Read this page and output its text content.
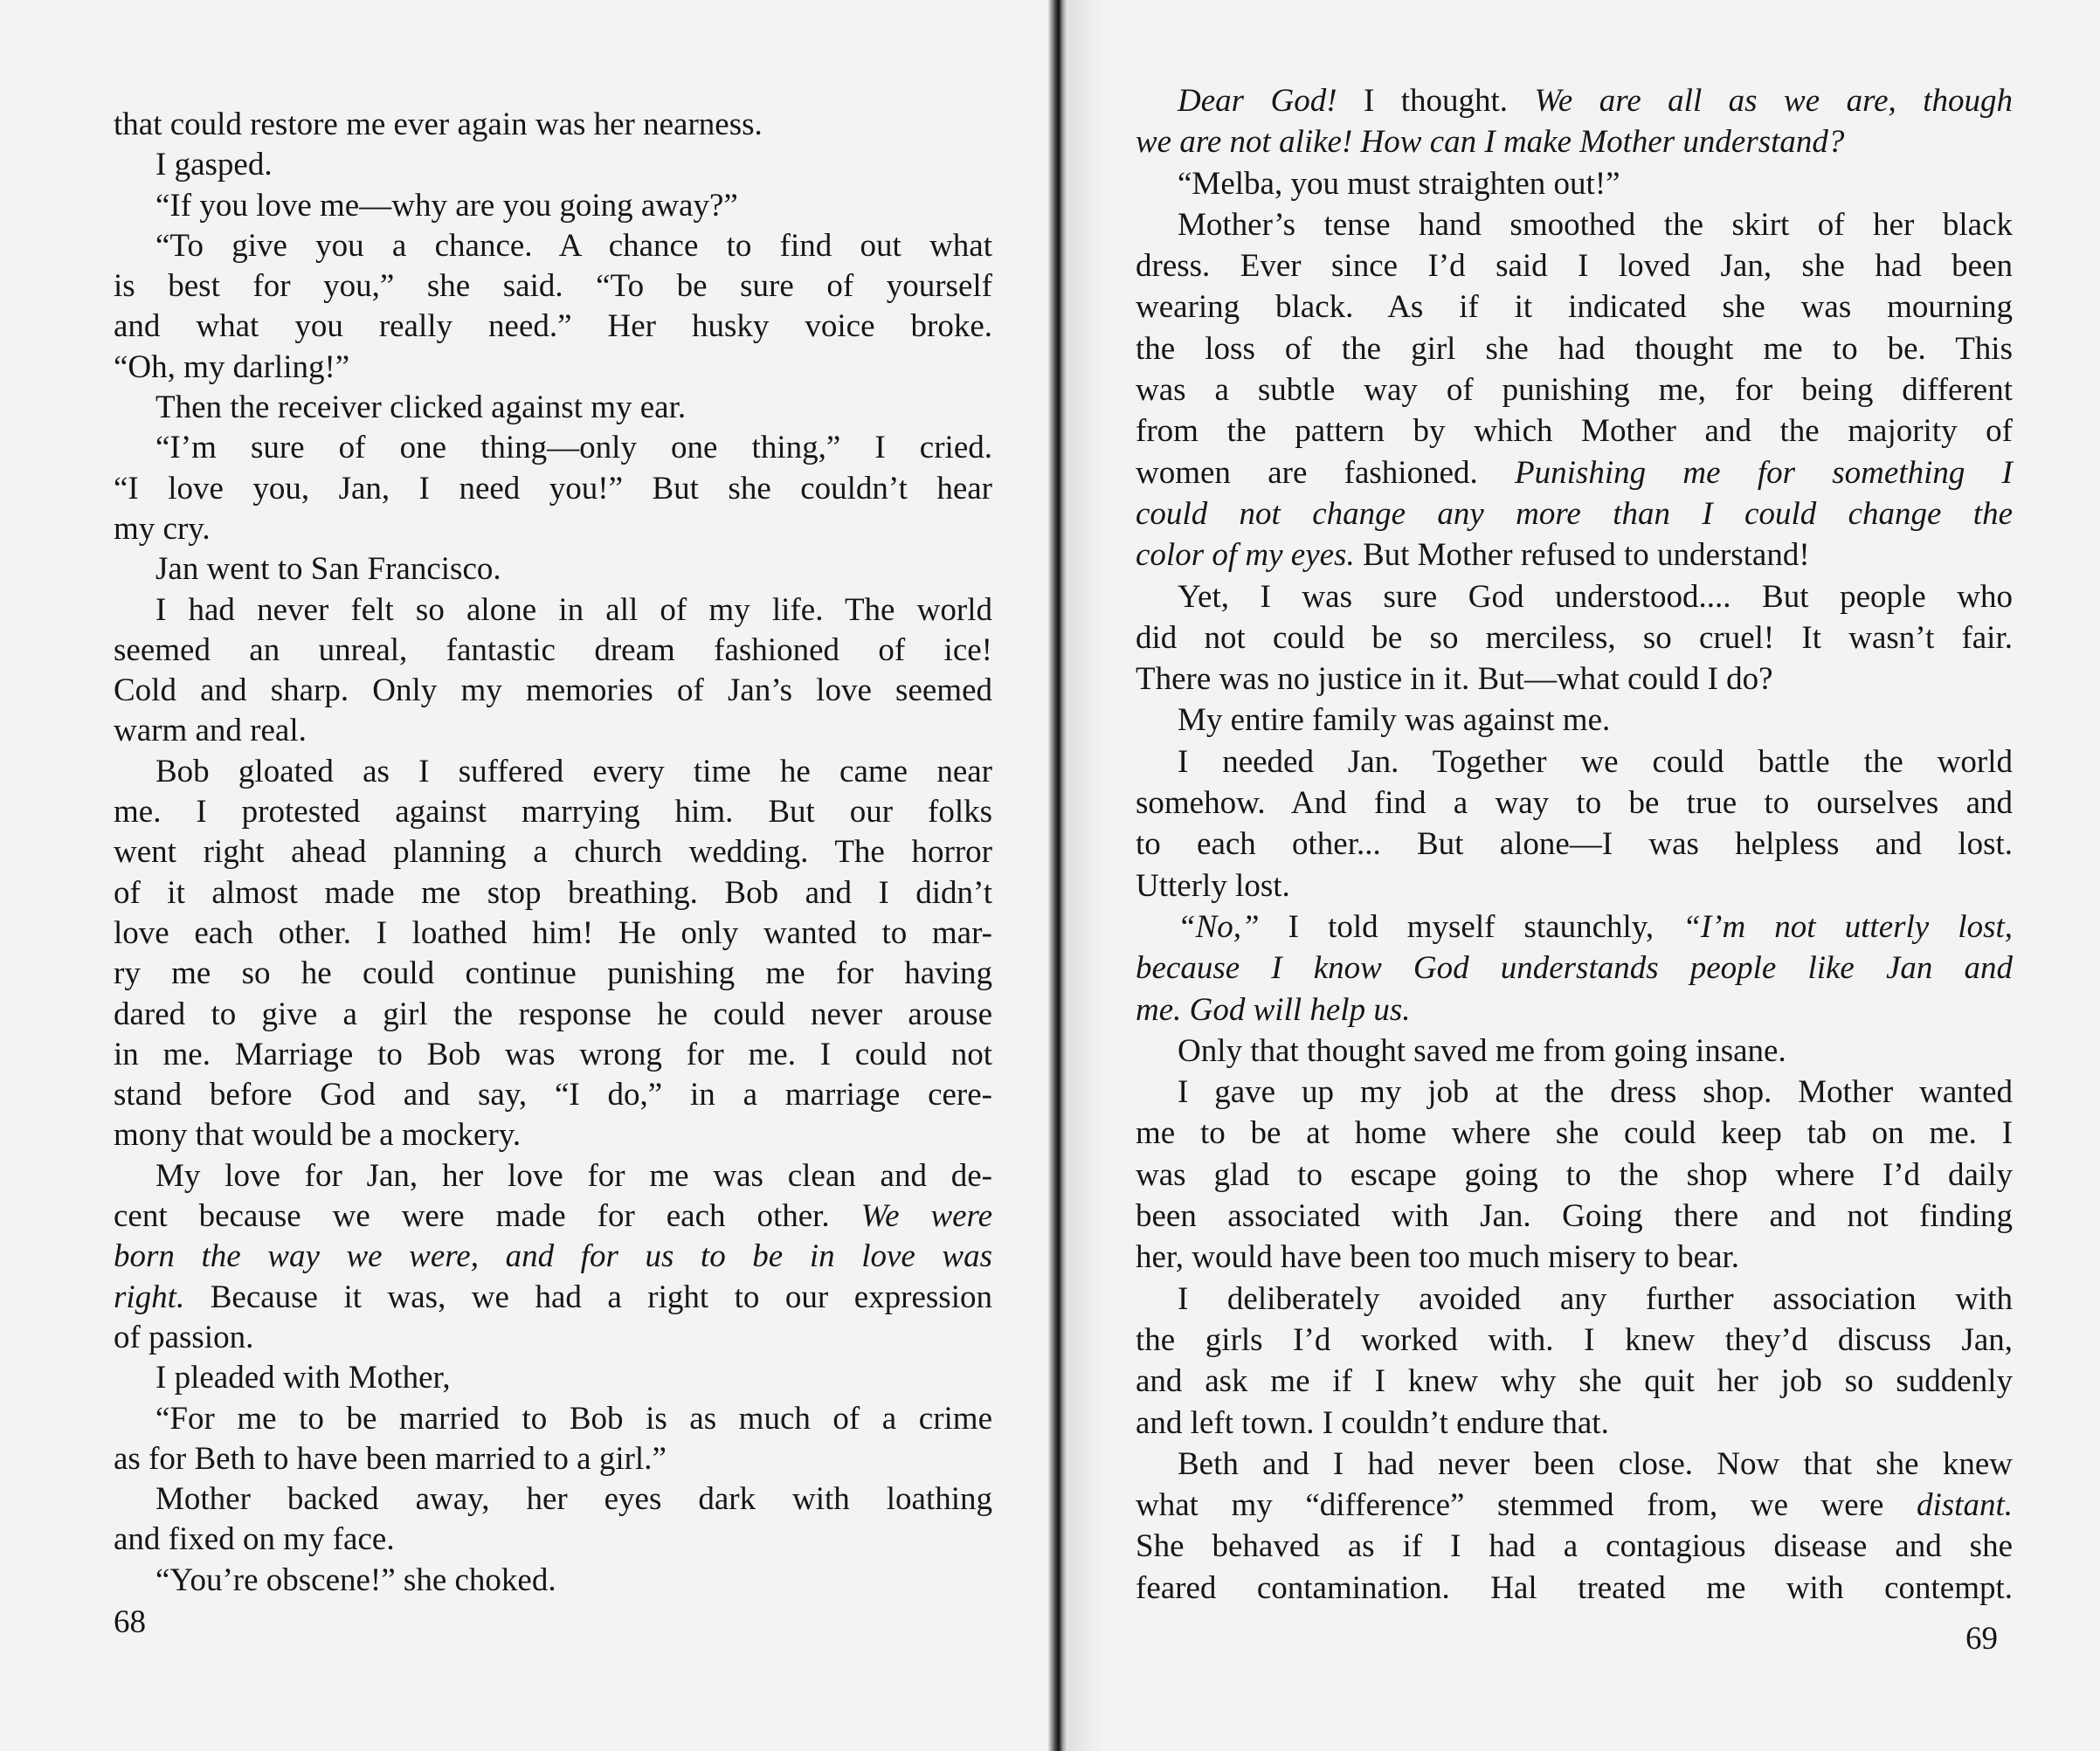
that could restore me ever again was her nearness.
I gasped.
“If you love me—why are you going away?”
“To give you a chance. A chance to find out what
is best for you,” she said. “To be sure of yourself
and what you really need.” Her husky voice broke.
“Oh, my darling!”
Then the receiver clicked against my ear.
“I’m sure of one thing—only one thing,” I cried.
“I love you, Jan, I need you!” But she couldn’t hear
my cry.
Jan went to San Francisco.
I had never felt so alone in all of my life. The world
seemed an unreal, fantastic dream fashioned of ice!
Cold and sharp. Only my memories of Jan’s love seemed
warm and real.
Bob gloated as I suffered every time he came near
me. I protested against marrying him. But our folks
went right ahead planning a church wedding. The horror
of it almost made me stop breathing. Bob and I didn’t
love each other. I loathed him! He only wanted to mar-
ry me so he could continue punishing me for having
dared to give a girl the response he could never arouse
in me. Marriage to Bob was wrong for me. I could not
stand before God and say, “I do,” in a marriage cere-
mony that would be a mockery.
My love for Jan, her love for me was clean and de-
cent because we were made for each other. We were
born the way we were, and for us to be in love was
right. Because it was, we had a right to our expression
of passion.
I pleaded with Mother,
“For me to be married to Bob is as much of a crime
as for Beth to have been married to a girl.”
Mother backed away, her eyes dark with loathing
and fixed on my face.
“You’re obscene!” she choked.
Dear God! I thought. We are all as we are, though
we are not alike! How can I make Mother understand?
“Melba, you must straighten out!”
Mother’s tense hand smoothed the skirt of her black
dress. Ever since I’d said I loved Jan, she had been
wearing black. As if it indicated she was mourning
the loss of the girl she had thought me to be. This
was a subtle way of punishing me, for being different
from the pattern by which Mother and the majority of
women are fashioned. Punishing me for something I
could not change any more than I could change the
color of my eyes. But Mother refused to understand!
Yet, I was sure God understood.... But people who
did not could be so merciless, so cruel! It wasn’t fair.
There was no justice in it. But—what could I do?
My entire family was against me.
I needed Jan. Together we could battle the world
somehow. And find a way to be true to ourselves and
to each other... But alone—I was helpless and lost.
Utterly lost.
“No,” I told myself staunchly, “I’m not utterly lost,
because I know God understands people like Jan and
me. God will help us.
Only that thought saved me from going insane.
I gave up my job at the dress shop. Mother wanted
me to be at home where she could keep tab on me. I
was glad to escape going to the shop where I’d daily
been associated with Jan. Going there and not finding
her, would have been too much misery to bear.
I deliberately avoided any further association with
the girls I’d worked with. I knew they’d discuss Jan,
and ask me if I knew why she quit her job so suddenly
and left town. I couldn’t endure that.
Beth and I had never been close. Now that she knew
what my “difference” stemmed from, we were distant.
She behaved as if I had a contagious disease and she
feared contamination. Hal treated me with contempt.
68	69
